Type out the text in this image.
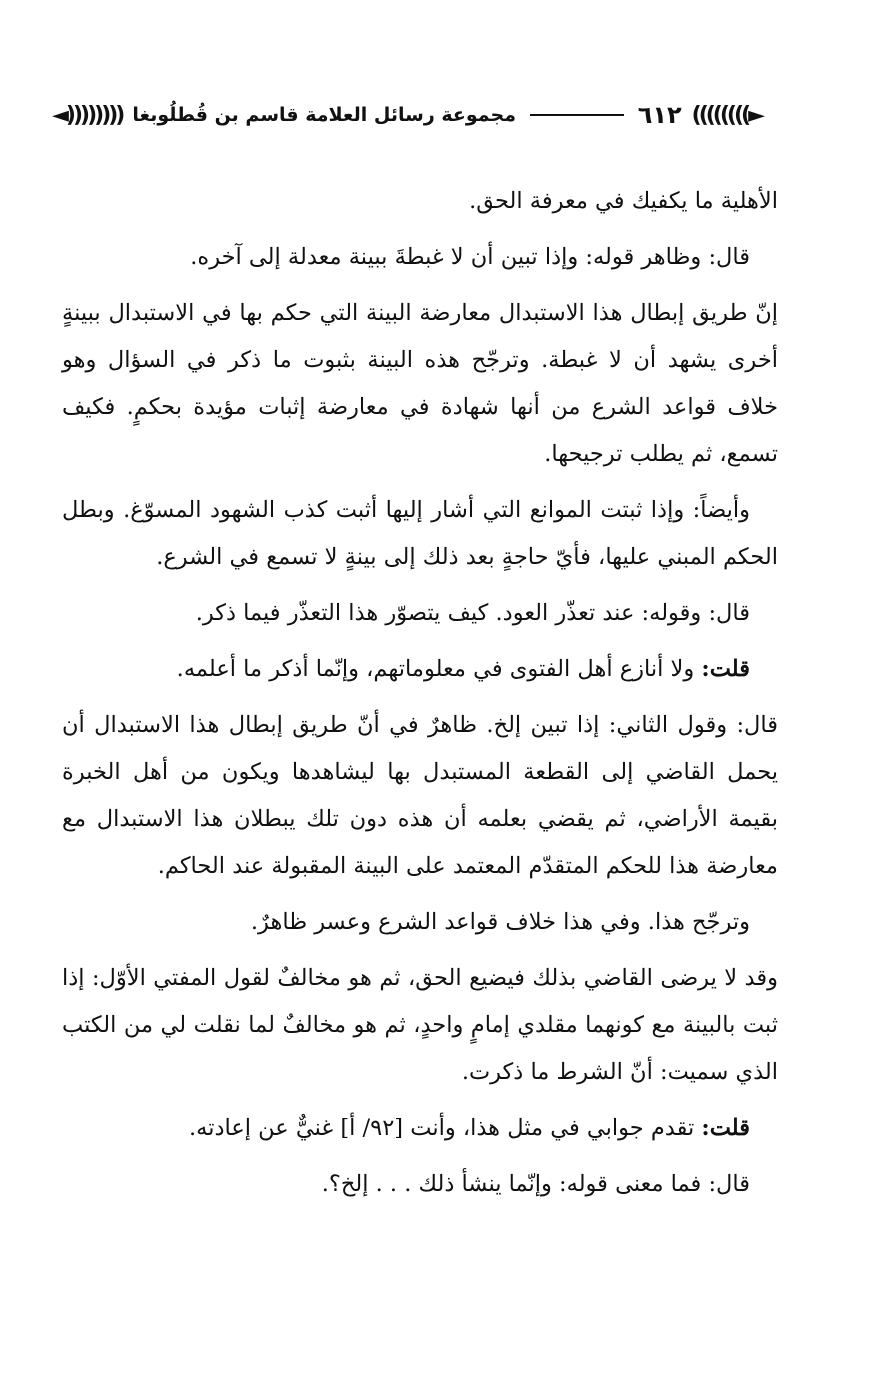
((((((((►
٦١٢
مجموعة رسائل العلامة قاسم بن قُطلُوبغا
◄))))))))

الأهلية ما يكفيك في معرفة الحق.

قال: وظاهر قوله: وإذا تبين أن لا غبطةَ ببينة معدلة إلى آخره.

إنّ طريق إبطال هذا الاستبدال معارضة البينة التي حكم بها في الاستبدال ببينةٍ أخرى يشهد أن لا غبطة. وترجّح هذه البينة بثبوت ما ذكر في السؤال وهو خلاف قواعد الشرع من أنها شهادة في معارضة إثبات مؤيدة بحكمٍ. فكيف تسمع، ثم يطلب ترجيحها.

وأيضاً: وإذا ثبتت الموانع التي أشار إليها أثبت كذب الشهود المسوّغ. وبطل الحكم المبني عليها، فأيّ حاجةٍ بعد ذلك إلى بينةٍ لا تسمع في الشرع.

قال: وقوله: عند تعذّر العود. كيف يتصوّر هذا التعذّر فيما ذكر.

قلت: ولا أنازع أهل الفتوى في معلوماتهم، وإنّما أذكر ما أعلمه.

قال: وقول الثاني: إذا تبين إلخ. ظاهرٌ في أنّ طريق إبطال هذا الاستبدال أن يحمل القاضي إلى القطعة المستبدل بها ليشاهدها ويكون من أهل الخبرة بقيمة الأراضي، ثم يقضي بعلمه أن هذه دون تلك يبطلان هذا الاستبدال مع معارضة هذا للحكم المتقدّم المعتمد على البينة المقبولة عند الحاكم.

وترجّح هذا. وفي هذا خلاف قواعد الشرع وعسر ظاهرٌ.

وقد لا يرضى القاضي بذلك فيضيع الحق، ثم هو مخالفٌ لقول المفتي الأوّل: إذا ثبت بالبينة مع كونهما مقلدي إمامٍ واحدٍ، ثم هو مخالفٌ لما نقلت لي من الكتب الذي سميت: أنّ الشرط ما ذكرت.

قلت: تقدم جوابي في مثل هذا، وأنت [٩٢/ أ] غنيٌّ عن إعادته.

قال: فما معنى قوله: وإنّما ينشأ ذلك . . . إلخ؟.
